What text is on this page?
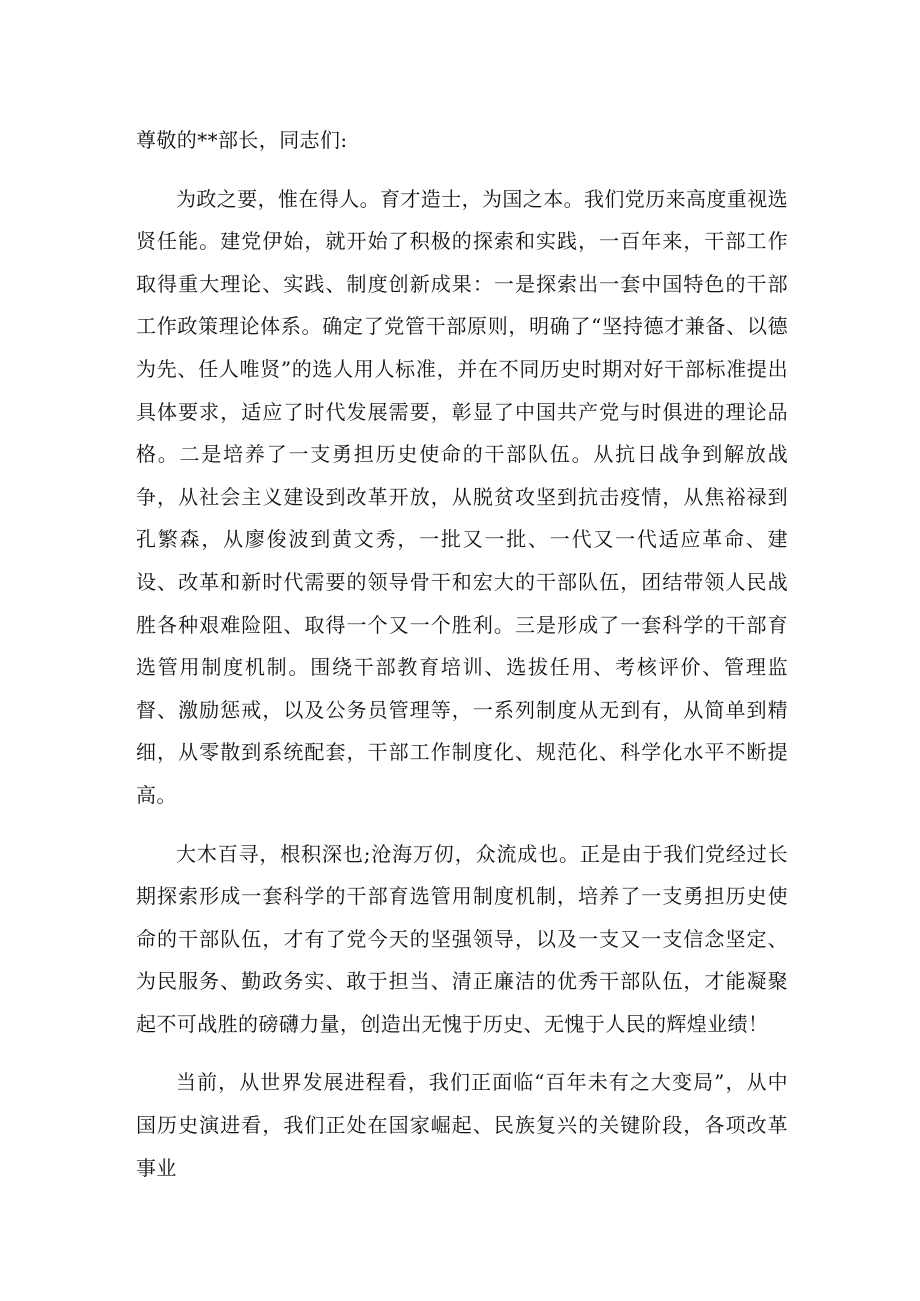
尊敬的**部长，同志们:

为政之要，惟在得人。育才造士，为国之本。我们党历来高度重视选贤任能。建党伊始，就开始了积极的探索和实践，一百年来，干部工作取得重大理论、实践、制度创新成果：一是探索出一套中国特色的干部工作政策理论体系。确定了党管干部原则，明确了“坚持德才兼备、以德为先、任人唯贤”的选人用人标准，并在不同历史时期对好干部标准提出具体要求，适应了时代发展需要，彰显了中国共产党与时俱进的理论品格。二是培养了一支勇担历史使命的干部队伍。从抗日战争到解放战争，从社会主义建设到改革开放，从脱贫攻坚到抗击疫情，从焦裕禄到孔繁森，从廖俊波到黄文秀，一批又一批、一代又一代适应革命、建设、改革和新时代需要的领导骨干和宏大的干部队伍，团结带领人民战胜各种艰难险阻、取得一个又一个胜利。三是形成了一套科学的干部育选管用制度机制。围绕干部教育培训、选拔任用、考核评价、管理监督、激励惩戒，以及公务员管理等，一系列制度从无到有，从简单到精细，从零散到系统配套，干部工作制度化、规范化、科学化水平不断提高。

大木百寻，根积深也;沧海万仞，众流成也。正是由于我们党经过长期探索形成一套科学的干部育选管用制度机制，培养了一支勇担历史使命的干部队伍，才有了党今天的坚强领导，以及一支又一支信念坚定、为民服务、勤政务实、敢于担当、清正廉洁的优秀干部队伍，才能凝聚起不可战胜的磅礴力量，创造出无愧于历史、无愧于人民的辉煌业绩！

当前，从世界发展进程看，我们正面临“百年未有之大变局”，从中国历史演进看，我们正处在国家崛起、民族复兴的关键阶段，各项改革事业
